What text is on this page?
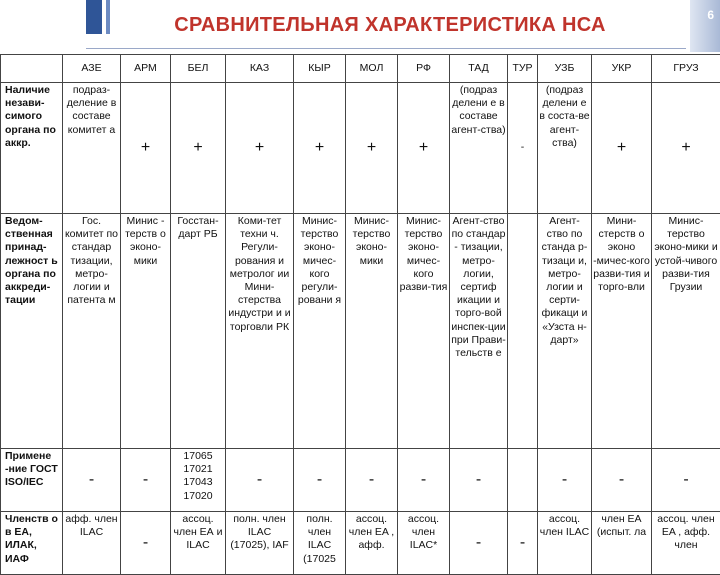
6
СРАВНИТЕЛЬНАЯ ХАРАКТЕРИСТИКА НСА
	АЗЕ	АРМ	БЕЛ	КАЗ	КЫР	МОЛ	РФ	ТАД	ТУР	УЗБ	УКР	ГРУЗ
Наличие незави-симого органа по аккр.	подраз-деление в составе комитет а	+	+	+	+	+	+	(подраз делени е в составе агент-ства)	-	(подраз делени е в соста-ве агент-ства)	+	+
Ведом-ственная принад-лежност ь органа по аккреди-тации	Гос. комитет по стандар тизации, метро-логии и патента м	Минис - терств о эконо-мики	Госстан-дарт РБ	Коми-тет техни ч. Регули-рования и метролог ии Мини-стерства индустри и и торговли РК	Минис-терство эконо-мичес-кого регули-ровани я	Минис-терство эконо-мики	Минис-терство эконо-мичес-кого разви-тия	Агент-ство по стандар - тизации, метро-логии, сертиф икации и торго-вой инспек-ции при Прави-тельств е		Агент-ство по станда р-тизаци и, метро-логии и серти-фикаци и «Узста н-дарт»	Мини-стерств о эконо -мичес-кого разви-тия и торго-вли	Минис-терство эконо-мики и устой-чивого разви-тия Грузии
Примене -ние ГОСТ ISO/IEC	-	-	17065 17021 17043 17020	-	-	-	-	-		-	-	-
Членств о в ЕА, ИЛАК, ИАФ	афф. член ILAC	-	ассоц. член ЕА и ILAC	полн. член ILAC (17025), IAF	полн. член ILAC (17025	ассоц. член EA , афф.	ассоц. член ILAC*	-	-	ассоц. член ILAC	член EA (испыт. ла	ассоц. член EA , афф. член
